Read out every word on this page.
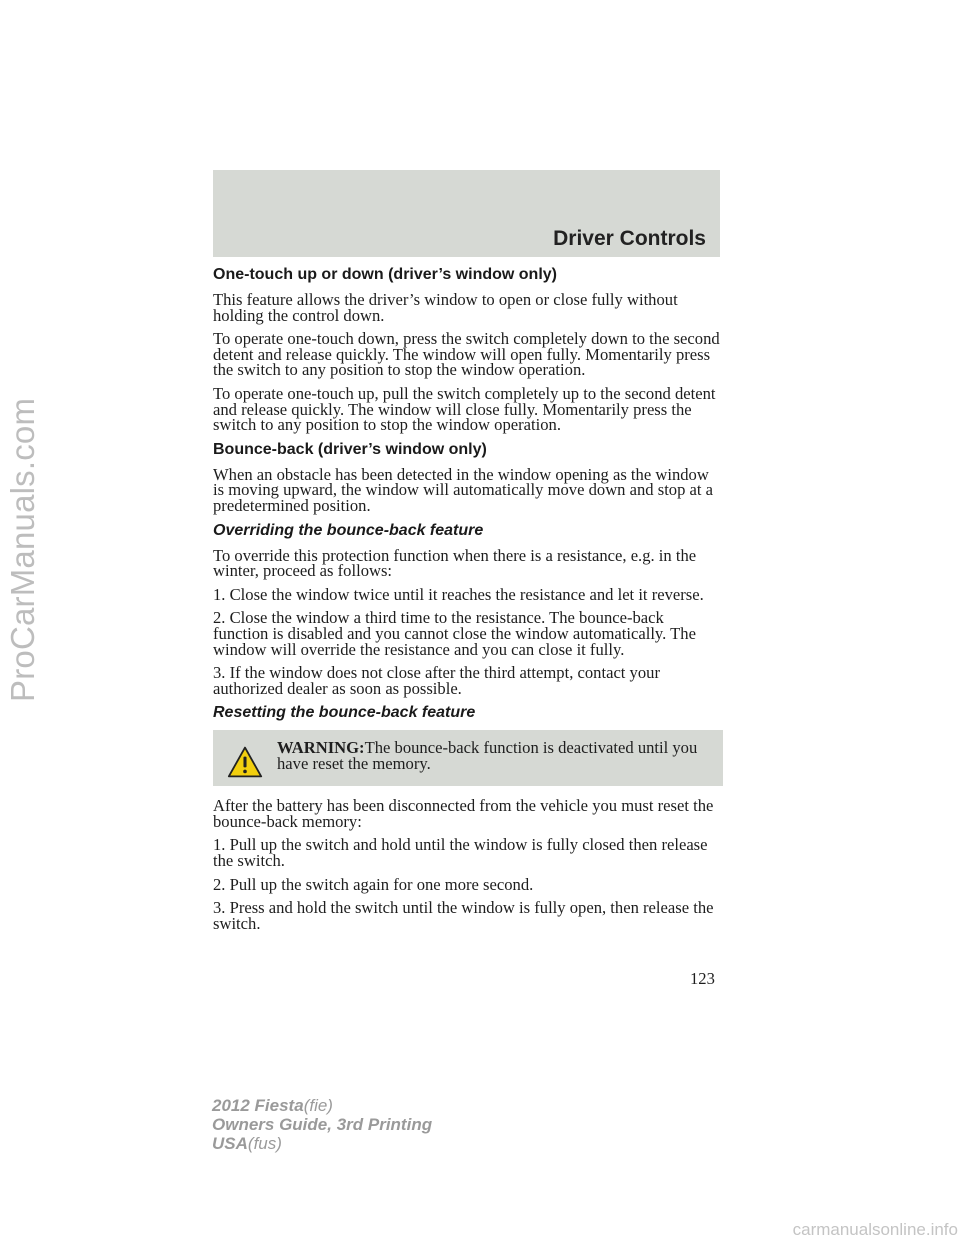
ProCarManuals.com
Driver Controls
One-touch up or down (driver’s window only)

This feature allows the driver’s window to open or close fully without holding the control down.

To operate one-touch down, press the switch completely down to the second detent and release quickly. The window will open fully. Momentarily press the switch to any position to stop the window operation.

To operate one-touch up, pull the switch completely up to the second detent and release quickly. The window will close fully. Momentarily press the switch to any position to stop the window operation.

Bounce-back (driver’s window only)

When an obstacle has been detected in the window opening as the window is moving upward, the window will automatically move down and stop at a predetermined position.

Overriding the bounce-back feature

To override this protection function when there is a resistance, e.g. in the winter, proceed as follows:

1. Close the window twice until it reaches the resistance and let it reverse.

2. Close the window a third time to the resistance. The bounce-back function is disabled and you cannot close the window automatically. The window will override the resistance and you can close it fully.

3. If the window does not close after the third attempt, contact your authorized dealer as soon as possible.

Resetting the bounce-back feature

WARNING:The bounce-back function is deactivated until you have reset the memory.

After the battery has been disconnected from the vehicle you must reset the bounce-back memory:

1. Pull up the switch and hold until the window is fully closed then release the switch.

2. Pull up the switch again for one more second.

3. Press and hold the switch until the window is fully open, then release the switch.

123
2012 Fiesta(fie)
Owners Guide, 3rd Printing
USA(fus)
carmanualsonline.info
